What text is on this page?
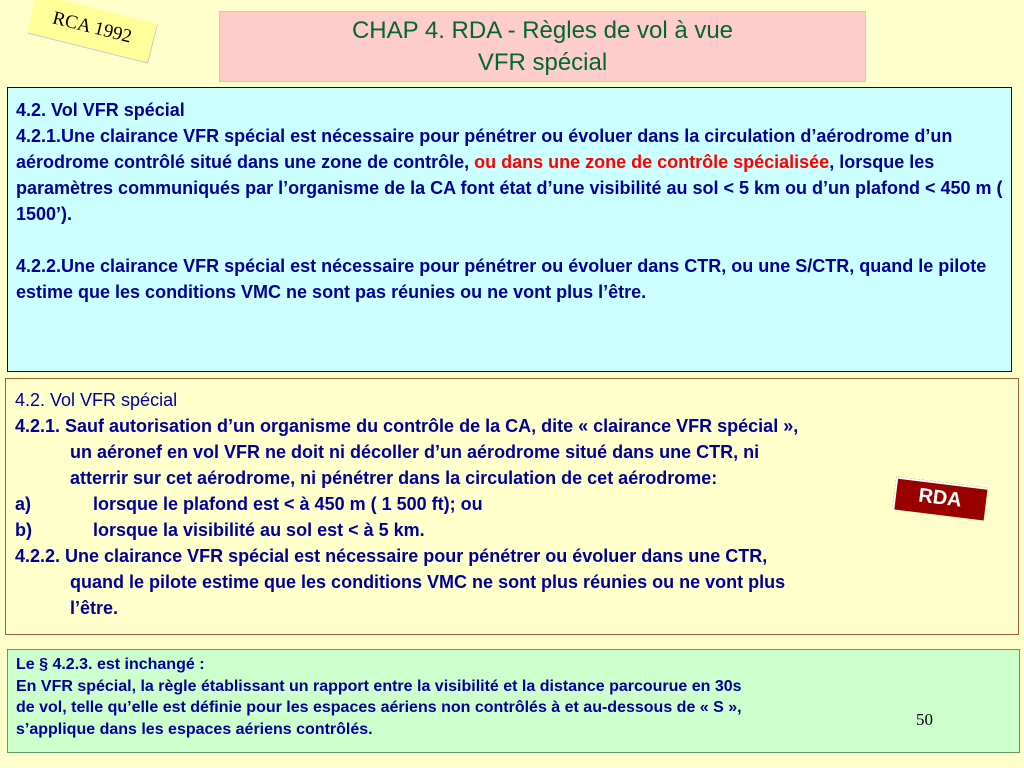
RCA 1992	CHAP 4. RDA - Règles de vol à vue
VFR spécial

4.2. Vol VFR spécial

4.2.1.Une clairance VFR spécial est nécessaire pour pénétrer ou évoluer dans la circulation d’aérodrome d’un aérodrome contrôlé situé dans une zone de contrôle, ou dans une zone de contrôle spécialisée, lorsque les paramètres communiqués par l’organisme de la CA font état d’une visibilité au sol < 5 km ou d’un plafond < 450 m ( 1500’).

4.2.2.Une clairance VFR spécial est nécessaire pour pénétrer ou évoluer dans CTR, ou une S/CTR, quand le pilote estime que les conditions VMC ne sont pas réunies ou ne vont plus l’être.

4.2. Vol VFR spécial

4.2.1. Sauf autorisation d’un organisme du contrôle de la CA, dite « clairance VFR spécial »,

un aéronef en vol VFR ne doit ni décoller d’un aérodrome situé dans une CTR, ni

atterrir sur cet aérodrome, ni pénétrer dans la circulation de cet aérodrome:

a)	lorsque le plafond est < à 450 m ( 1 500 ft); ou
b)	lorsque la visibilité au sol est < à 5 km.

4.2.2. Une clairance VFR spécial est nécessaire pour pénétrer ou évoluer dans une CTR,

quand le pilote estime que les conditions VMC ne sont plus réunies ou ne vont plus

l’être.

RDA

Le § 4.2.3. est inchangé :

En VFR spécial, la règle établissant un rapport entre la visibilité et la distance parcourue en 30s

de vol, telle qu’elle est définie pour les espaces aériens non contrôlés à et au-dessous de « S »,

s’applique dans les espaces aériens contrôlés.	50
